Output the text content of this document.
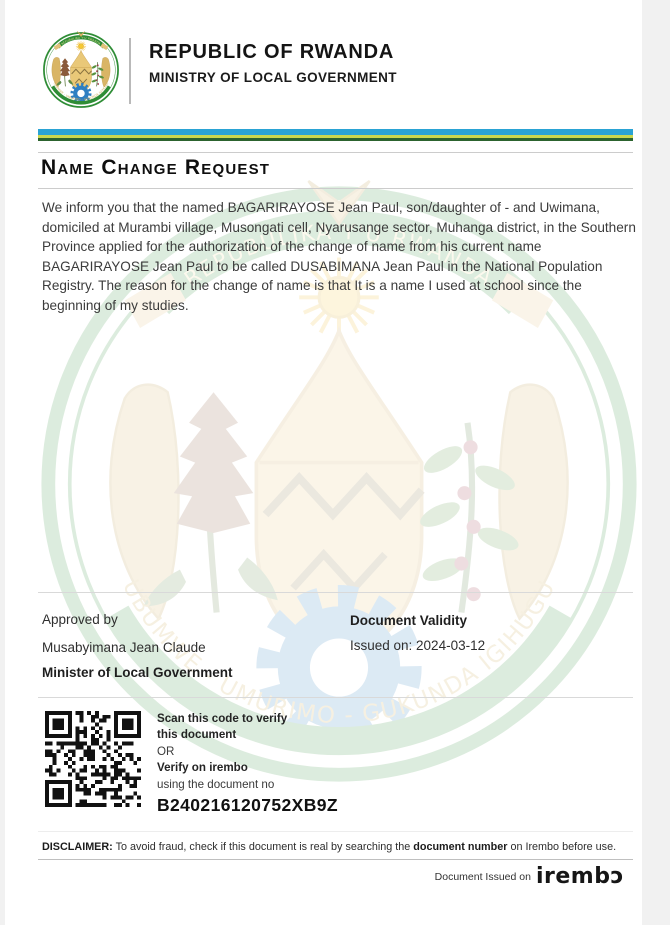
REPUBLIC OF RWANDA
MINISTRY OF LOCAL GOVERNMENT
Name Change Request
We inform you that the named BAGARIRAYOSE Jean Paul, son/daughter of - and Uwimana, domiciled at Murambi village, Musongati cell, Nyarusange sector, Muhanga district, in the Southern Province applied for the authorization of the change of name from his current name BAGARIRAYOSE Jean Paul to be called DUSABIMANA Jean Paul in the National Population Registry. The reason for the change of name is that It is a name I used at school since the beginning of my studies.
Approved by
Musabyimana Jean Claude
Minister of Local Government
Document Validity
Issued on: 2024-03-12
Scan this code to verify
this document
OR
Verify on irembo
using the document no
B240216120752XB9Z
DISCLAIMER: To avoid fraud, check if this document is real by searching the document number on Irembo before use.
Document Issued on irembɔ
